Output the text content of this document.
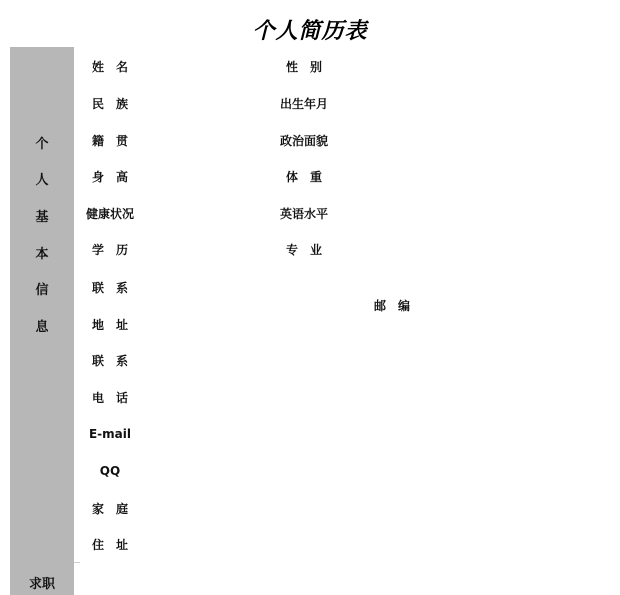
个人简历表
个
人
基
本
信
息
求职
姓　名
民　族
籍　贯
身　高
健康状况
学　历
联　系
地　址
联　系
电　话
E-mail
QQ
家　庭
住　址
性　别
出生年月
政治面貌
体　重
英语水平
专　业
邮　编
